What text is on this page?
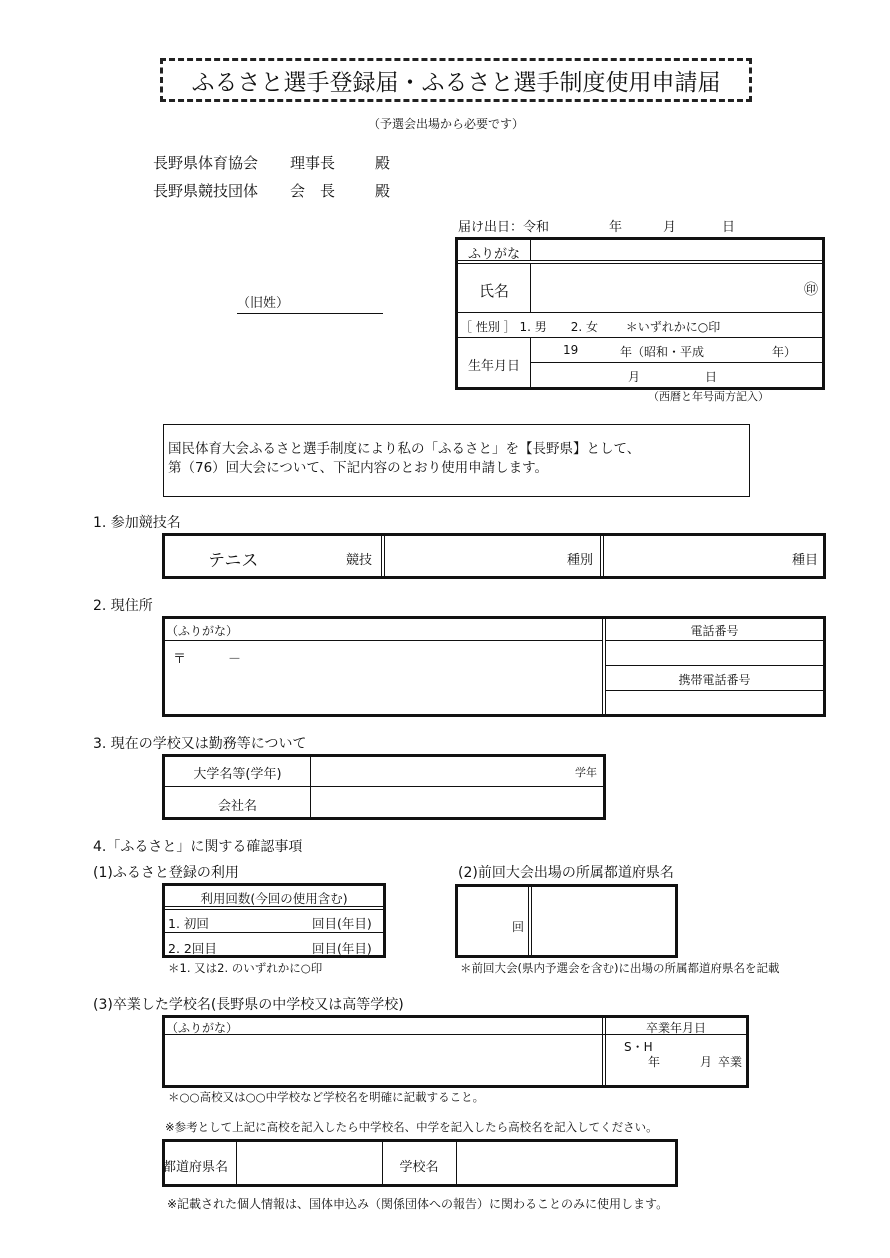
ふるさと選手登録届・ふるさと選手制度使用申請届
（予選会出場から必要です）
長野県体育協会 理事長	殿
長野県競技団体 会　長	殿
届け出日：令和	年	月	日
（旧姓）
ふりがな
氏名	㊞
［ 性別 ］ 1. 男　　2. 女　　 ＊いずれかに○印
生年月日
19	年（昭和・平成	年）
月	日
（西暦と年号両方記入）
国民体育大会ふるさと選手制度により私の「ふるさと」を【長野県】として、
第（76）回大会について、下記内容のとおり使用申請します。
1. 参加競技名
テニス	競技	種別	種目
2. 現住所
（ふりがな）
〒	－
電話番号
携帯電話番号
3. 現在の学校又は勤務等について
大学名等(学年)	学年
会社名
4.「ふるさと」に関する確認事項
(1)ふるさと登録の利用
利用回数(今回の使用含む)
1. 初回	回目(年目)
2. 2回目	回目(年目)
＊1. 又は2. のいずれかに○印
(2)前回大会出場の所属都道府県名
回
＊前回大会(県内予選会を含む)に出場の所属都道府県名を記載
(3)卒業した学校名(長野県の中学校又は高等学校)
（ふりがな）	卒業年月日
S・H
年	月 卒業
＊○○高校又は○○中学校など学校名を明確に記載すること。
※参考として上記に高校を記入したら中学校名、中学を記入したら高校名を記入してください。
都道府県名	学校名
※記載された個人情報は、国体申込み（関係団体への報告）に関わることのみに使用します。
